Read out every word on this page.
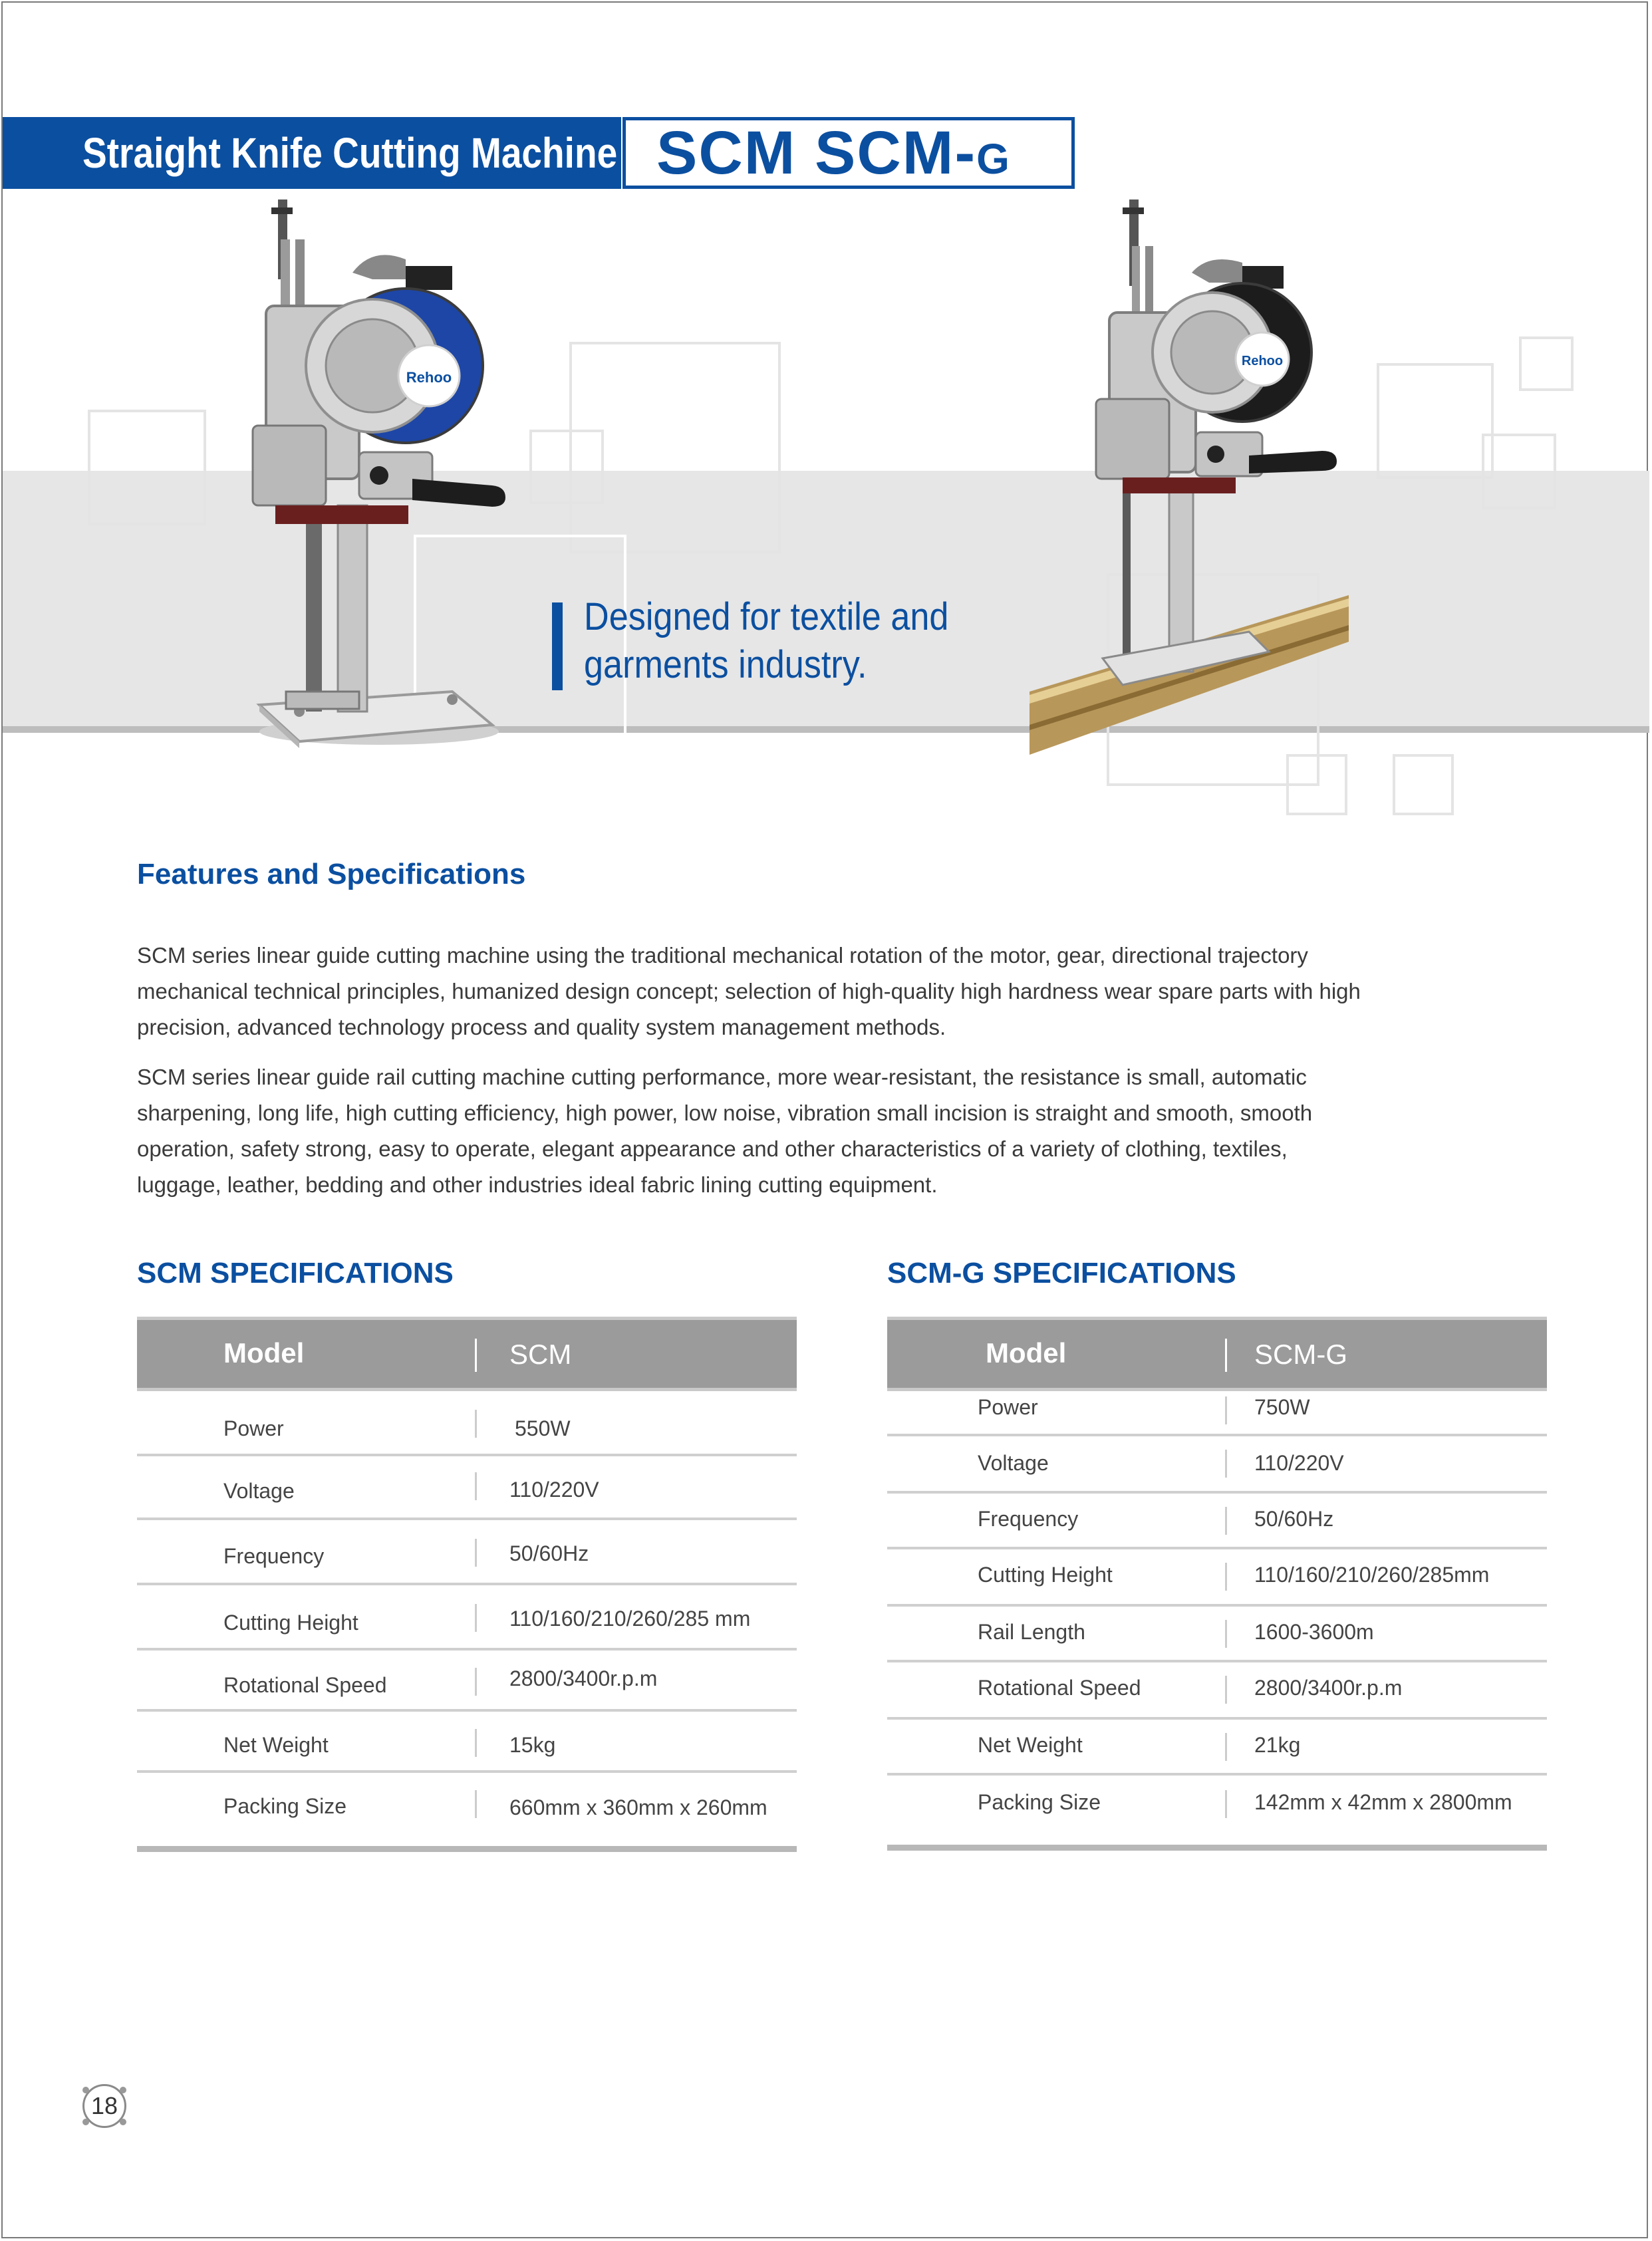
Straight Knife Cutting Machine SCM SCM-G
Designed for textile and
garments industry.
Rehoo
Rehoo
Features and Specifications
SCM series linear guide cutting machine using the traditional mechanical rotation of the motor, gear, directional trajectory mechanical technical principles, humanized design concept; selection of high-quality high hardness wear spare parts with high precision, advanced technology process and quality system management methods.
SCM series linear guide rail cutting machine cutting performance, more wear-resistant, the resistance is small, automatic sharpening, long life, high cutting efficiency, high power, low noise, vibration small incision is straight and smooth, smooth operation, safety strong, easy to operate, elegant appearance and other characteristics of a variety of clothing, textiles, luggage, leather, bedding and other industries ideal fabric lining cutting equipment.
SCM SPECIFICATIONS
Model	SCM
Power	550W
Voltage	110/220V
Frequency	50/60Hz
Cutting Height	110/160/210/260/285 mm
Rotational Speed	2800/3400r.p.m
Net Weight	15kg
Packing Size	660mm x 360mm x 260mm
SCM-G SPECIFICATIONS
Model	SCM-G
Power	750W
Voltage	110/220V
Frequency	50/60Hz
Cutting Height	110/160/210/260/285mm
Rail Length	1600-3600m
Rotational Speed	2800/3400r.p.m
Net Weight	21kg
Packing Size	142mm x 42mm x 2800mm
18
